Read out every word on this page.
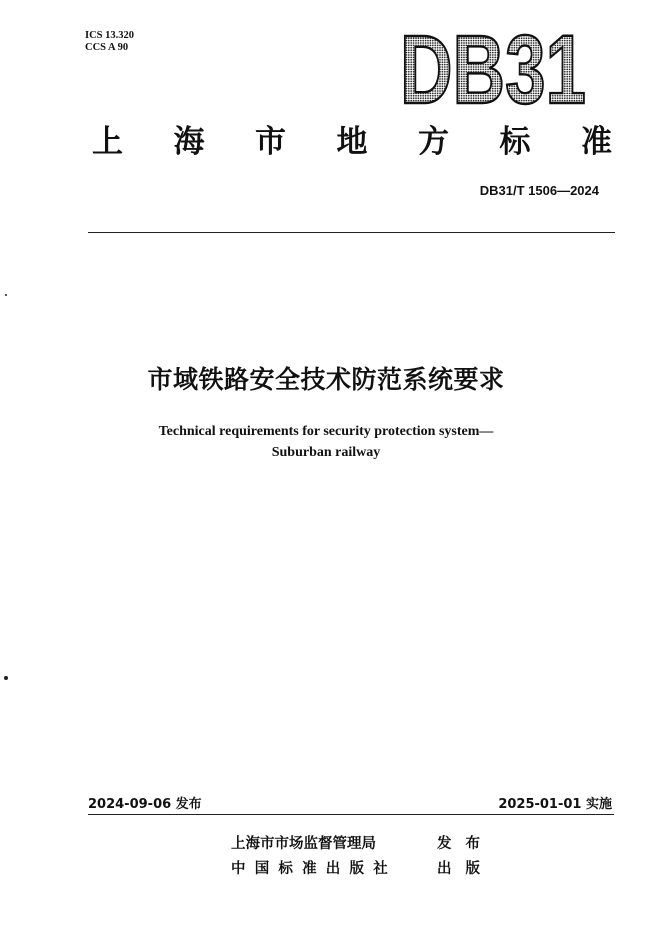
ICS 13.320
CCS A 90	DB31
上 海 市 地 方 标 准
DB31/T 1506—2024
市域铁路安全技术防范系统要求
Technical requirements for security protection system—
Suburban railway
2024-09-06 发布	2025-01-01 实施
上海市市场监督管理局	发布
中国标准出版社	出版
